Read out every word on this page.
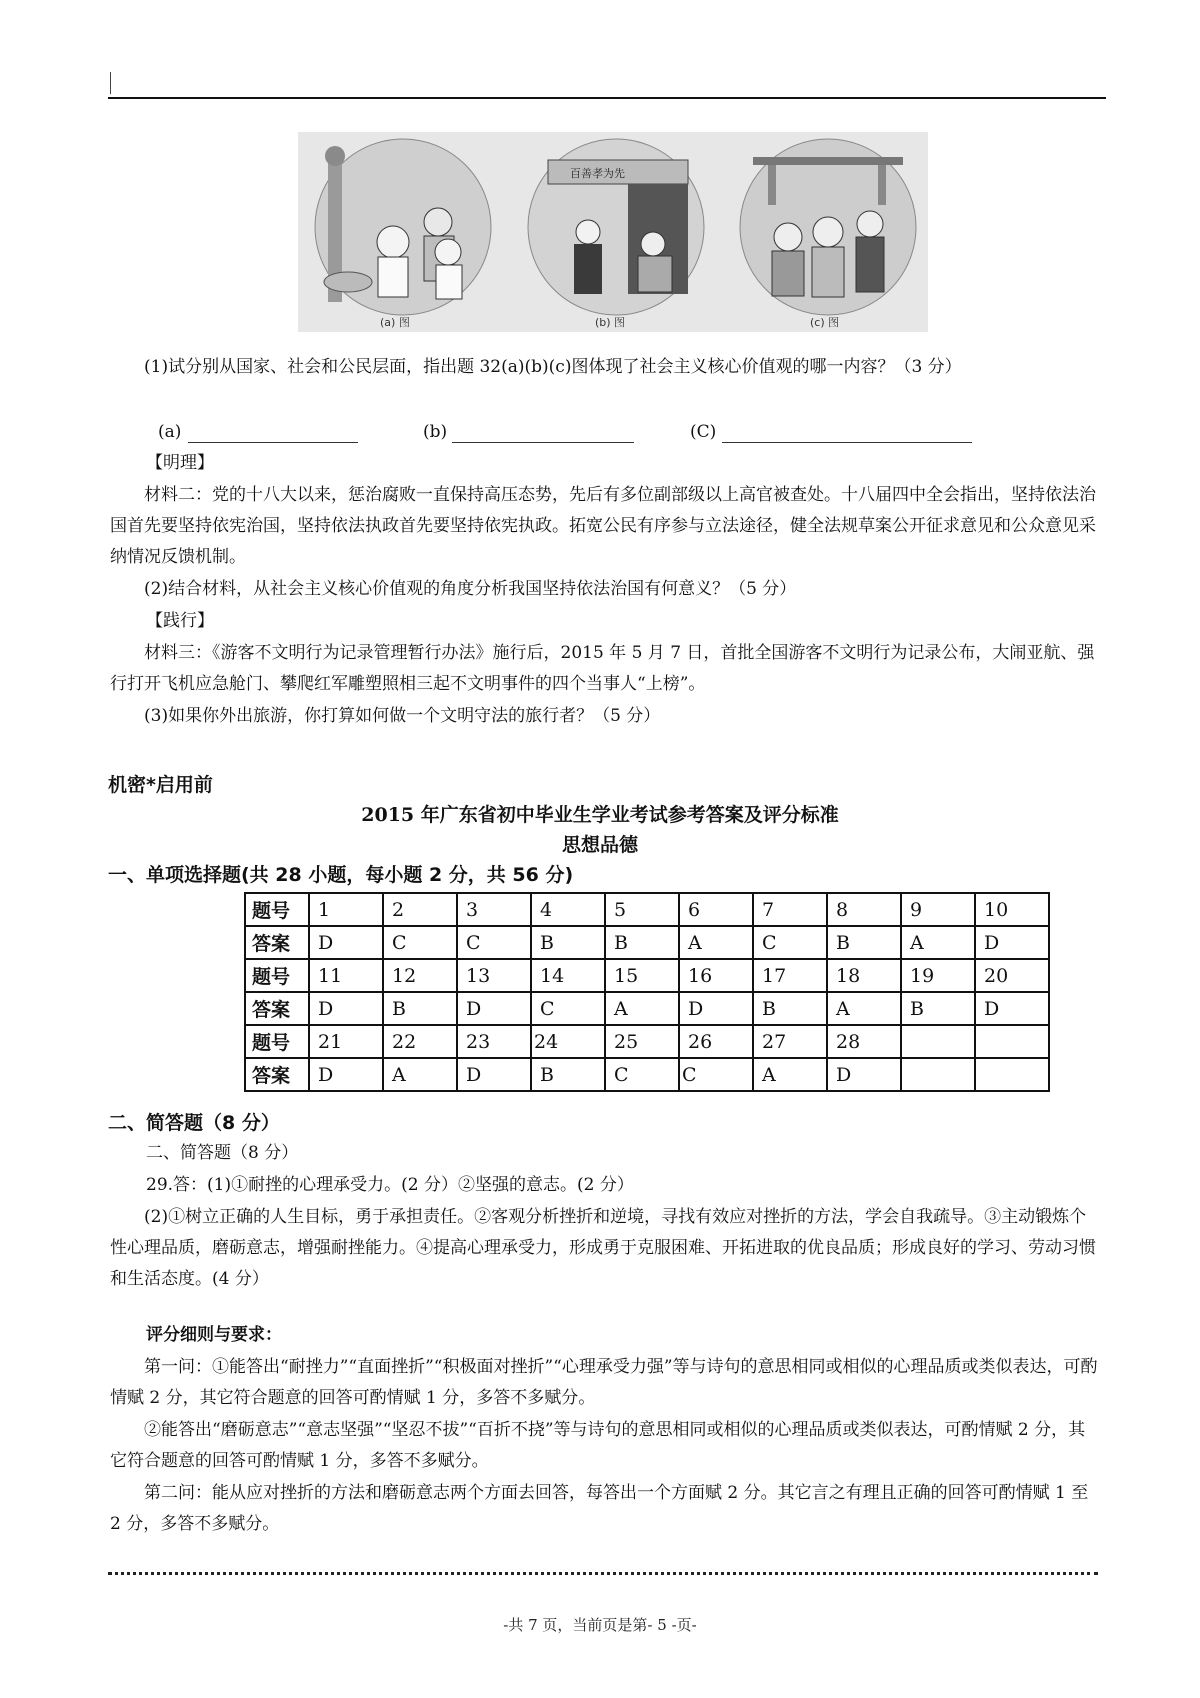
百善孝为先
(a) 图	(b) 图	(c) 图
(1)试分别从国家、社会和公民层面，指出题 32(a)(b)(c)图体现了社会主义核心价值观的哪一内容？（3 分）
(a)	(b)	(C)
【明理】
材料二：党的十八大以来，惩治腐败一直保持高压态势，先后有多位副部级以上高官被查处。十八届四中全会指出，坚持依法治国首先要坚持依宪治国，坚持依法执政首先要坚持依宪执政。拓宽公民有序参与立法途径，健全法规草案公开征求意见和公众意见采纳情况反馈机制。
(2)结合材料，从社会主义核心价值观的角度分析我国坚持依法治国有何意义？（5 分）
【践行】
材料三：《游客不文明行为记录管理暂行办法》施行后，2015 年 5 月 7 日，首批全国游客不文明行为记录公布，大闹亚航、强行打开飞机应急舱门、攀爬红军雕塑照相三起不文明事件的四个当事人“上榜”。
(3)如果你外出旅游，你打算如何做一个文明守法的旅行者？（5 分）
机密*启用前
2015 年广东省初中毕业生学业考试参考答案及评分标准
思想品德
一、单项选择题(共 28 小题，每小题 2 分，共 56 分)
题号	1	2	3	4	5	6	7	8	9	10
答案	D	C	C	B	B	A	C	B	A	D
题号	11	12	13	14	15	16	17	18	19	20
答案	D	B	D	C	A	D	B	A	B	D
题号	21	22	23	24	25	26	27	28		
答案	D	A	D	B	C	C	A	D		
二、简答题（8 分）
二、简答题（8 分）
29.答：(1)①耐挫的心理承受力。(2 分）②坚强的意志。(2 分）
(2)①树立正确的人生目标，勇于承担责任。②客观分析挫折和逆境，寻找有效应对挫折的方法，学会自我疏导。③主动锻炼个性心理品质，磨砺意志，增强耐挫能力。④提高心理承受力，形成勇于克服困难、开拓进取的优良品质；形成良好的学习、劳动习惯和生活态度。(4 分）
评分细则与要求：
第一问：①能答出“耐挫力”“直面挫折”“积极面对挫折”“心理承受力强”等与诗句的意思相同或相似的心理品质或类似表达，可酌情赋 2 分，其它符合题意的回答可酌情赋 1 分，多答不多赋分。
②能答出“磨砺意志”“意志坚强”“坚忍不拔”“百折不挠”等与诗句的意思相同或相似的心理品质或类似表达，可酌情赋 2 分，其它符合题意的回答可酌情赋 1 分，多答不多赋分。
第二问：能从应对挫折的方法和磨砺意志两个方面去回答，每答出一个方面赋 2 分。其它言之有理且正确的回答可酌情赋 1 至 2 分，多答不多赋分。
-共 7 页，当前页是第- 5 -页-
